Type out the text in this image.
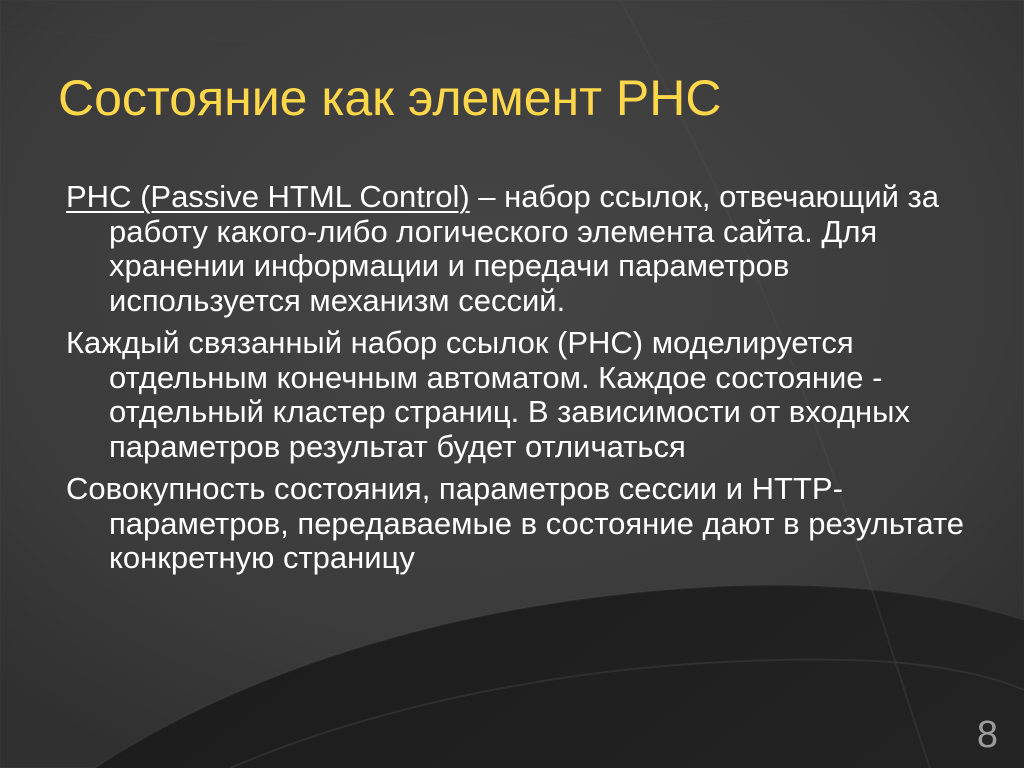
Состояние как элемент PHC
PHC (Passive HTML Control) – набор ссылок, отвечающий за работу какого-либо логического элемента сайта. Для хранении информации и передачи параметров используется механизм сессий.
Каждый связанный набор ссылок (PHC) моделируется отдельным конечным автоматом. Каждое состояние - отдельный кластер страниц. В зависимости от входных параметров результат будет отличаться
Совокупность состояния, параметров сессии и HTTP-параметров, передаваемые в состояние дают в результате конкретную страницу
8
